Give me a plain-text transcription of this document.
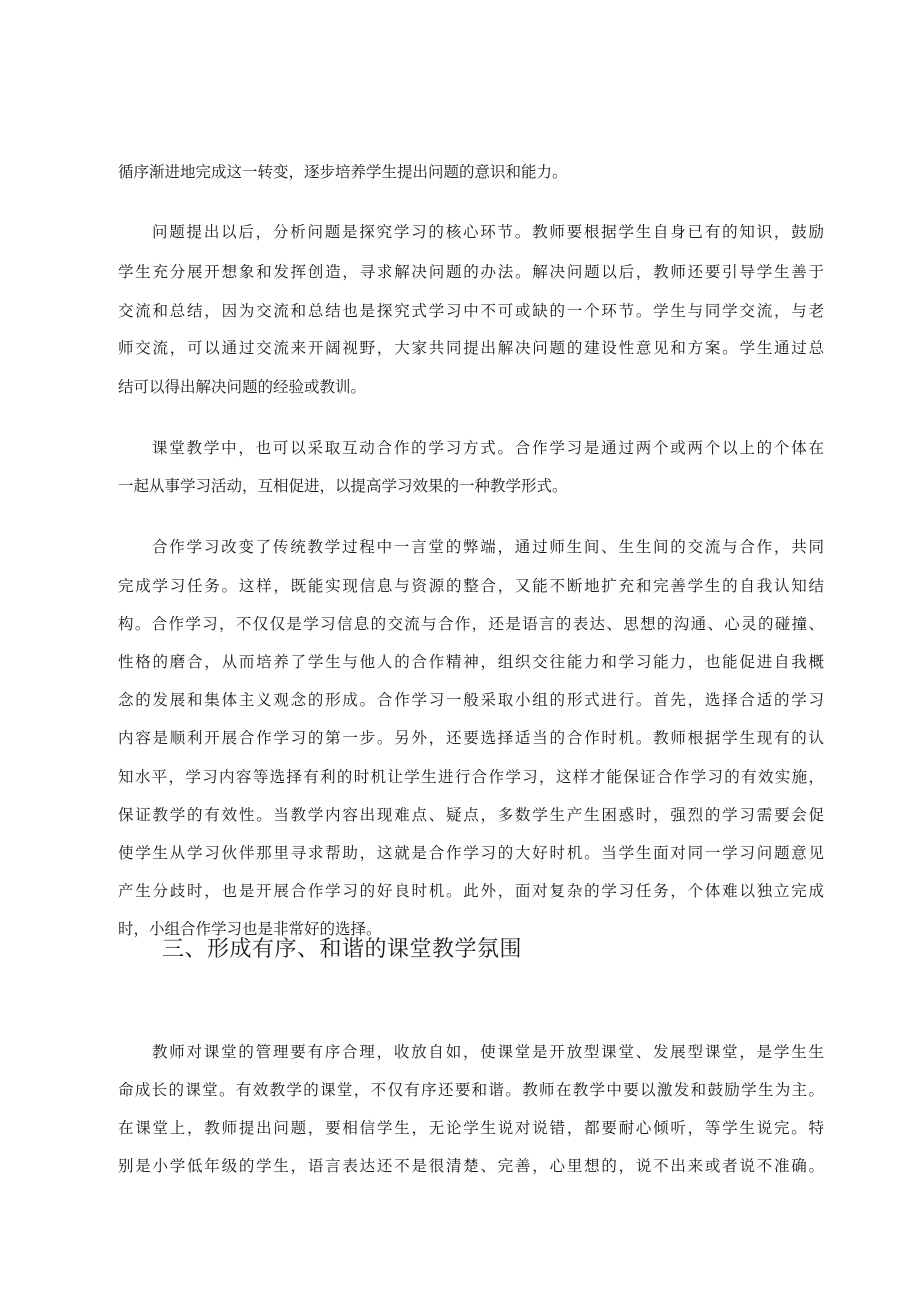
循序渐进地完成这一转变，逐步培养学生提出问题的意识和能力。
问题提出以后，分析问题是探究学习的核心环节。教师要根据学生自身已有的知识，鼓励
学生充分展开想象和发挥创造，寻求解决问题的办法。解决问题以后，教师还要引导学生善于
交流和总结，因为交流和总结也是探究式学习中不可或缺的一个环节。学生与同学交流，与老
师交流，可以通过交流来开阔视野，大家共同提出解决问题的建设性意见和方案。学生通过总
结可以得出解决问题的经验或教训。
课堂教学中，也可以采取互动合作的学习方式。合作学习是通过两个或两个以上的个体在
一起从事学习活动，互相促进，以提高学习效果的一种教学形式。
合作学习改变了传统教学过程中一言堂的弊端，通过师生间、生生间的交流与合作，共同
完成学习任务。这样，既能实现信息与资源的整合，又能不断地扩充和完善学生的自我认知结
构。合作学习，不仅仅是学习信息的交流与合作，还是语言的表达、思想的沟通、心灵的碰撞、
性格的磨合，从而培养了学生与他人的合作精神，组织交往能力和学习能力，也能促进自我概
念的发展和集体主义观念的形成。合作学习一般采取小组的形式进行。首先，选择合适的学习
内容是顺利开展合作学习的第一步。另外，还要选择适当的合作时机。教师根据学生现有的认
知水平，学习内容等选择有利的时机让学生进行合作学习，这样才能保证合作学习的有效实施，
保证教学的有效性。当教学内容出现难点、疑点，多数学生产生困惑时，强烈的学习需要会促
使学生从学习伙伴那里寻求帮助，这就是合作学习的大好时机。当学生面对同一学习问题意见
产生分歧时，也是开展合作学习的好良时机。此外，面对复杂的学习任务，个体难以独立完成
时，小组合作学习也是非常好的选择。
三、形成有序、和谐的课堂教学氛围
教师对课堂的管理要有序合理，收放自如，使课堂是开放型课堂、发展型课堂，是学生生
命成长的课堂。有效教学的课堂，不仅有序还要和谐。教师在教学中要以激发和鼓励学生为主。
在课堂上，教师提出问题，要相信学生，无论学生说对说错，都要耐心倾听，等学生说完。特
别是小学低年级的学生，语言表达还不是很清楚、完善，心里想的，说不出来或者说不准确。
